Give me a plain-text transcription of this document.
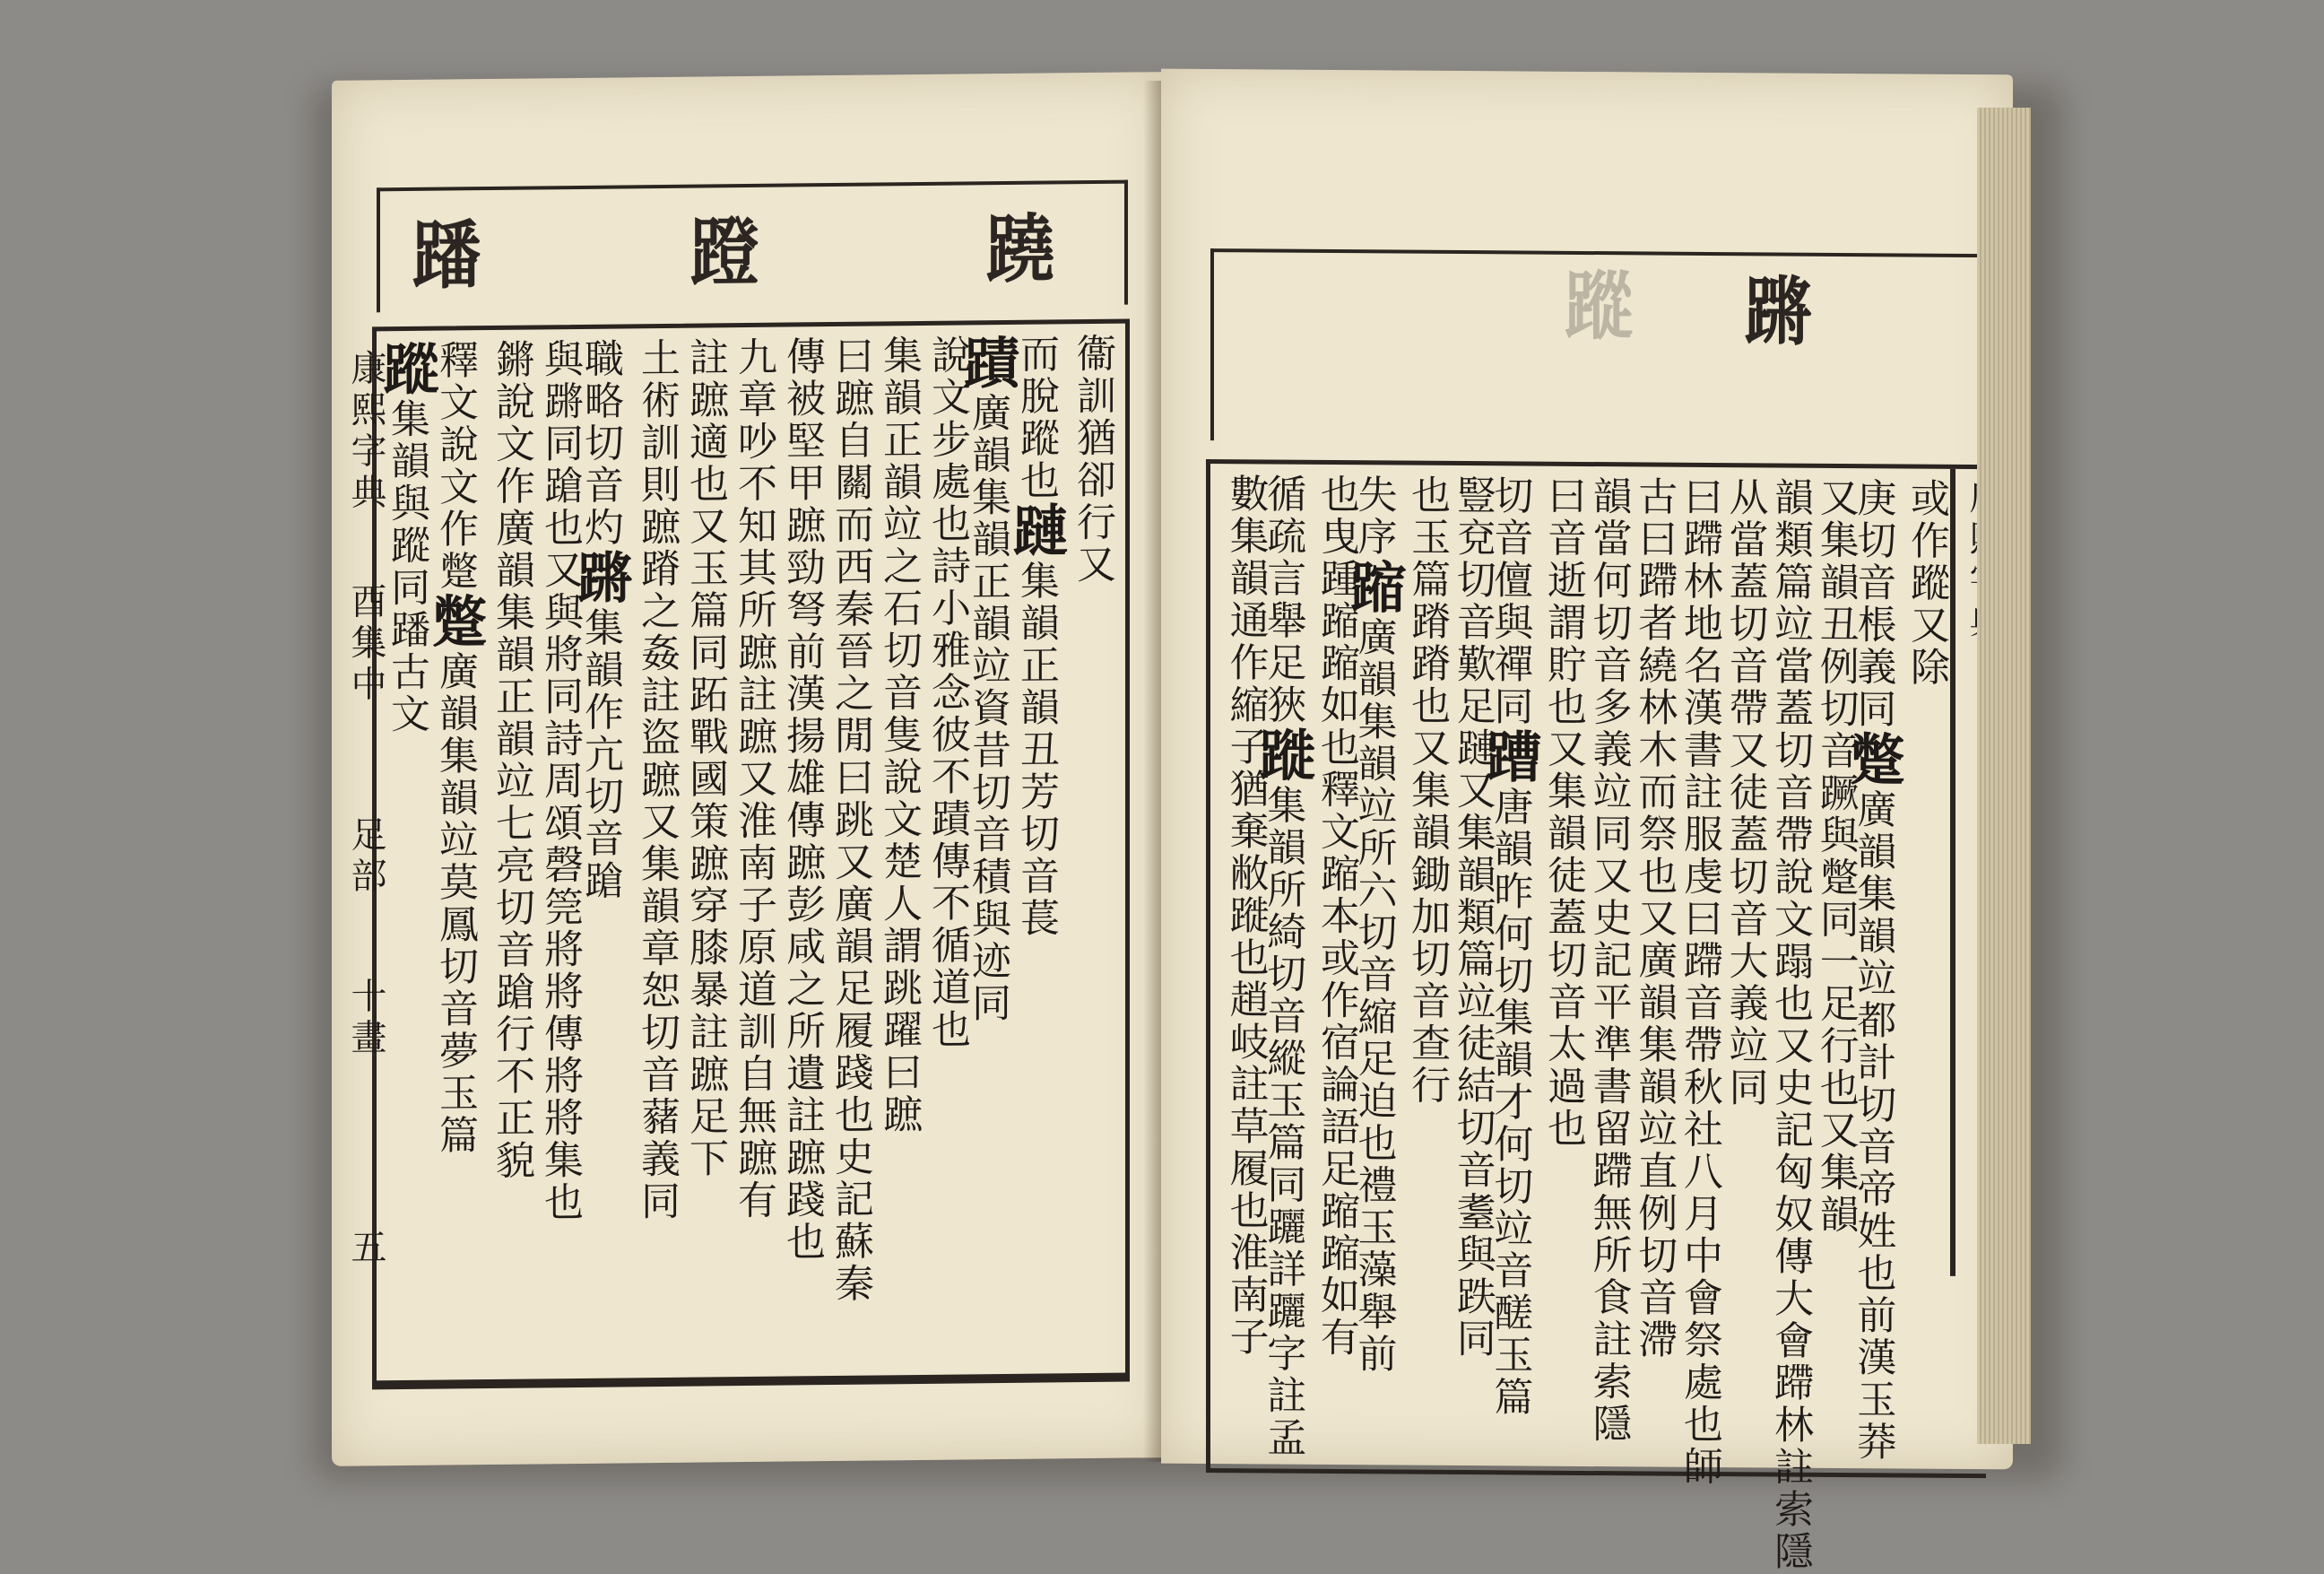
蹯	蹬	蹺
康熙字典
酉集中
足部
十畫
五
衞訓猶卻行又
而脫蹤也蹥集韻正韻丑芳切音萇
蹟廣韻集韻正韻竝資昔切音積與迹同
說文步處也詩小雅念彼不蹟傳不循道也
集韻正韻竝之石切音隻說文楚人謂跳躍曰蹠
曰蹠自關而西秦晉之閒曰跳又廣韻足履踐也史記蘇秦
傳被堅甲蹠勁弩前漢揚雄傳蹠彭咸之所遺註蹠踐也
九章吵不知其所蹠註蹠又淮南子原道訓自無蹠有
註蹠適也又玉篇同跖戰國策蹠穿膝暴註蹠足下
土術訓則蹠蹐之姦註盜蹠又集韻章恕切音藸義同
職略切音灼蹡集韻作亢切音蹌
與蹡同蹌也又與將同詩周頌磬筦將將傳將將集也
鏘說文作廣韻集韻正韻竝七亮切音蹌行不正貌
釋文說文作蹩蹩廣韻集韻竝莫鳳切音夢玉篇
蹤集韻與蹤同蹯古文
蹤 蹡
或作蹤又除
庚切音棖義同蹩廣韻集韻竝都計切音帝姓也前漢玉莽
又集韻丑例切音蹶與蹩同一足行也又集韻
韻類篇竝當蓋切音帶說文蹋也又史記匈奴傳大會蹛林註索隱
从當蓋切音帶又徒蓋切音大義竝同
曰蹛林地名漢書註服虔曰蹛音帶秋社八月中會祭處也師
古曰蹛者繞林木而祭也又廣韻集韻竝直例切音滯
韻當何切音多義竝同又史記平準書留蹛無所食註索隱
曰音逝謂貯也又集韻徒蓋切音太過也
切音儃與禪同蹧唐韻昨何切集韻才何切竝音醝玉篇
豎兗切音歎足蹥又集韻類篇竝徒結切音耋與跌同
也玉篇蹐蹐也又集韻鋤加切音查行
失序蹜廣韻集韻竝所六切音縮足迫也禮玉藻舉前
也曳踵蹜蹜如也釋文蹜本或作宿論語足蹜蹜如有
循疏言舉足狹蹝集韻所綺切音縱玉篇同躧詳躧字註孟
數集韻通作縮子猶棄敝蹝也趙岐註草履也淮南子
